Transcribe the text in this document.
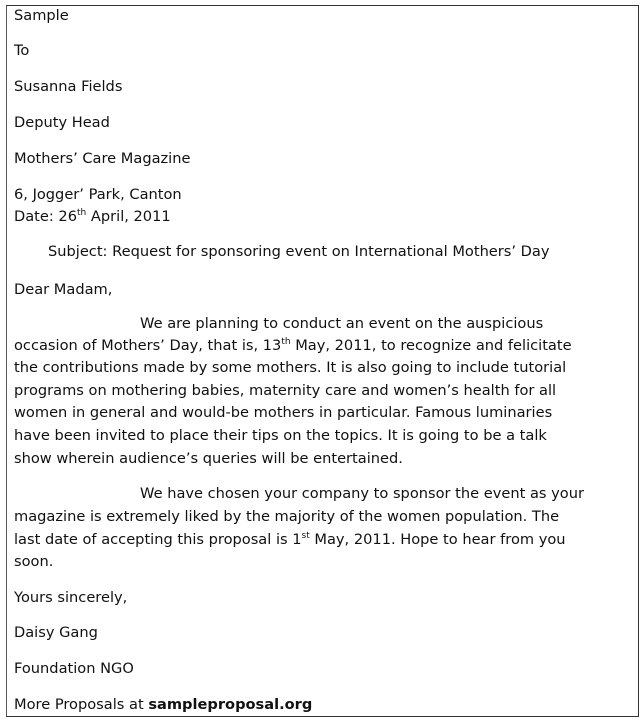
Sample
To
Susanna Fields
Deputy Head
Mothers’ Care Magazine
6, Jogger’ Park, Canton
Date: 26th April, 2011
Subject: Request for sponsoring event on International Mothers’ Day
Dear Madam,
We are planning to conduct an event on the auspicious
occasion of Mothers’ Day, that is, 13th May, 2011, to recognize and felicitate
the contributions made by some mothers. It is also going to include tutorial
programs on mothering babies, maternity care and women’s health for all
women in general and would-be mothers in particular. Famous luminaries
have been invited to place their tips on the topics. It is going to be a talk
show wherein audience’s queries will be entertained.
We have chosen your company to sponsor the event as your
magazine is extremely liked by the majority of the women population. The
last date of accepting this proposal is 1st May, 2011. Hope to hear from you
soon.
Yours sincerely,
Daisy Gang
Foundation NGO
More Proposals at sampleproposal.org
